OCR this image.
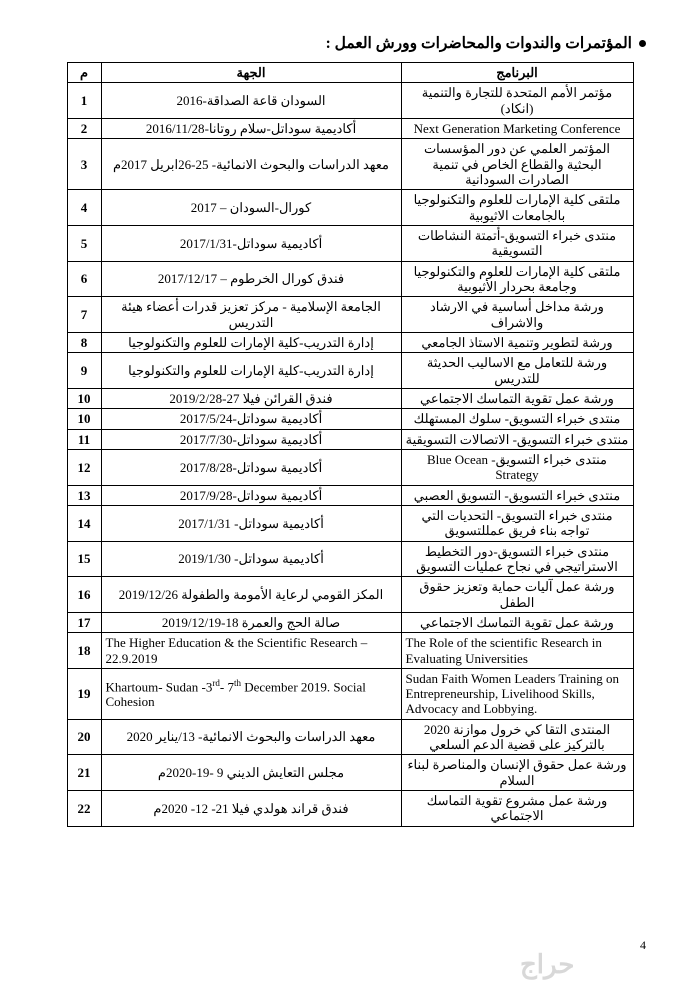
المؤتمرات والندوات والمحاضرات وورش العمل :
البرنامج	الجهة	م
مؤتمر الأمم المتحدة للتجارة والتنمية (انكاد)	السودان قاعة الصداقة-2016	1
Next Generation Marketing Conference	أكاديمية سوداتل-سلام روتانا-2016/11/28	2
المؤتمر العلمي عن دور المؤسسات البحثية والقطاع الخاص في تنمية الصادرات السودانية	معهد الدراسات والبحوث الانمائية- 25-26ابريل 2017م	3
ملتقى كلية الإمارات للعلوم والتكنولوجيا بالجامعات الاثيوبية	كورال-السودان – 2017	4
منتدى خبراء التسويق-أتمتة النشاطات التسويقية	أكاديمية سوداتل-2017/1/31	5
ملتقى كلية الإمارات للعلوم والتكنولوجيا وجامعة بحردار الأثيوبية	فندق كورال الخرطوم – 2017/12/17	6
ورشة مداخل أساسية في الارشاد والاشراف	الجامعة الإسلامية - مركز تعزيز قدرات أعضاء هيئة التدريس	7
ورشة لتطوير وتنمية الاستاذ الجامعي	إدارة التدريب-كلية الإمارات للعلوم والتكنولوجيا	8
ورشة للتعامل مع الاساليب الحديثة للتدريس	إدارة التدريب-كلية الإمارات للعلوم والتكنولوجيا	9
ورشة عمل تقوية التماسك الاجتماعي	فندق القرائن فيلا 27-2019/2/28	10
منتدى خبراء التسويق- سلوك المستهلك	أكاديمية سوداتل-2017/5/24	10
منتدى خبراء التسويق- الاتصالات التسويقية	أكاديمية سوداتل-2017/7/30	11
منتدى خبراء التسويق- Blue Ocean Strategy	أكاديمية سوداتل-2017/8/28	12
منتدى خبراء التسويق- التسويق العصبي	أكاديمية سوداتل-2017/9/28	13
منتدى خبراء التسويق- التحديات التي تواجه بناء فريق عمللتسويق	أكاديمية سوداتل- 2017/1/31	14
منتدى خبراء التسويق-دور التخطيط الاستراتيجي في نجاح عمليات التسويق	أكاديمية سوداتل- 2019/1/30	15
ورشة عمل آليات حماية وتعزيز حقوق الطفل	المكز القومي لرعاية الأمومة والطفولة 2019/12/26	16
ورشة عمل تقوية التماسك الاجتماعي	صالة الحج والعمرة 18-2019/12/19	17
The Role of the scientific Research in Evaluating Universities	The Higher Education & the Scientific Research – 22.9.2019	18
Sudan Faith Women Leaders Training on Entrepreneurship, Livelihood Skills, Advocacy and Lobbying.	Khartoum- Sudan -3rd- 7th December 2019. Social Cohesion	19
المنتدى التقا كي خرول موازنة 2020 بالتركيز على قضية الدعم السلعي	معهد الدراسات والبحوث الانمائية- 13/يناير 2020	20
ورشة عمل حقوق الإنسان والمناصرة لبناء السلام	مجلس التعايش الديني 9 -19-2020م	21
ورشة عمل مشروع تقوية التماسك الاجتماعي	فندق قراند هولدي فيلا 21- 12- 2020م	22
4
حراج
